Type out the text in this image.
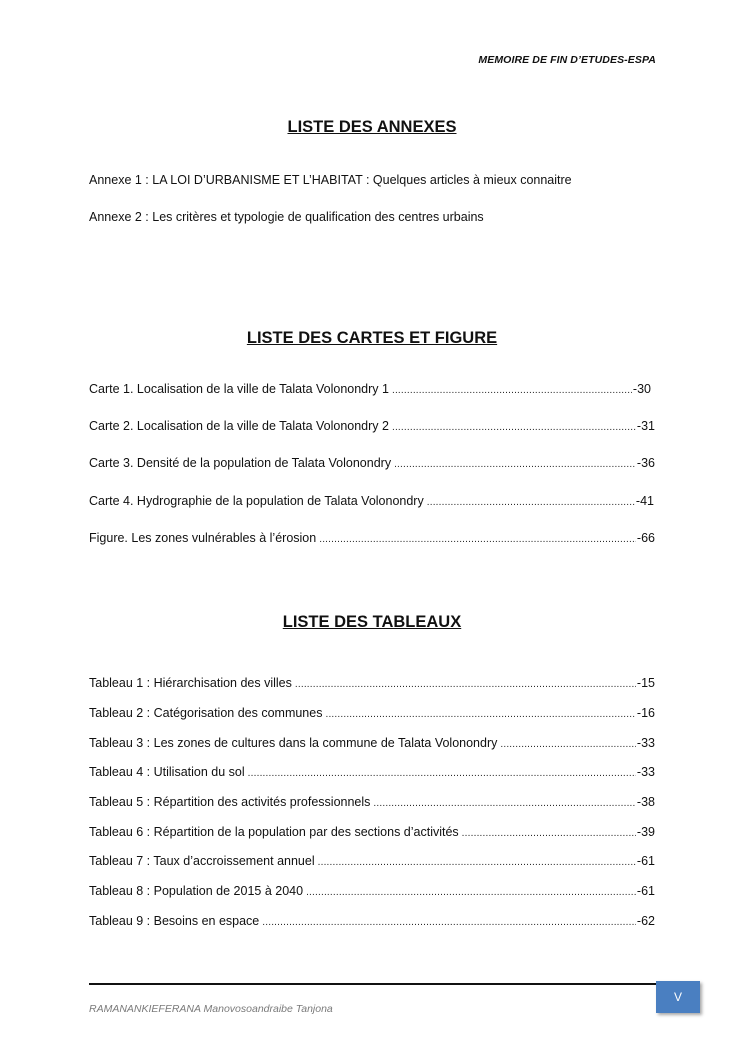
MEMOIRE DE FIN D’ETUDES-ESPA
LISTE DES ANNEXES
Annexe 1 : LA LOI D’URBANISME ET L’HABITAT : Quelques articles à mieux connaitre
Annexe 2 : Les critères et typologie de qualification des centres urbains
LISTE DES CARTES ET FIGURE
Carte 1. Localisation de la ville de Talata Volonondry 1 .....	-30
Carte 2. Localisation de la ville de Talata Volonondry 2 .....	-31
Carte 3. Densité de la population de Talata Volonondry .....	-36
Carte 4. Hydrographie de la population de Talata Volonondry .....	-41
Figure. Les zones vulnérables à l’érosion .....	-66
LISTE DES TABLEAUX
Tableau 1 : Hiérarchisation des villes .....	-15
Tableau 2 : Catégorisation des communes .....	-16
Tableau 3 : Les zones de cultures dans la commune de Talata Volonondry .....	-33
Tableau 4 : Utilisation du sol .....	-33
Tableau 5 : Répartition des activités professionnels .....	-38
Tableau 6 : Répartition de la population par des sections d’activités .....	-39
Tableau 7 : Taux d’accroissement annuel .....	-61
Tableau 8 : Population de 2015 à 2040 .....	-61
Tableau 9 : Besoins en espace .....	-62
RAMANANKIEFERANA Manovosoandraibe Tanjona
V
